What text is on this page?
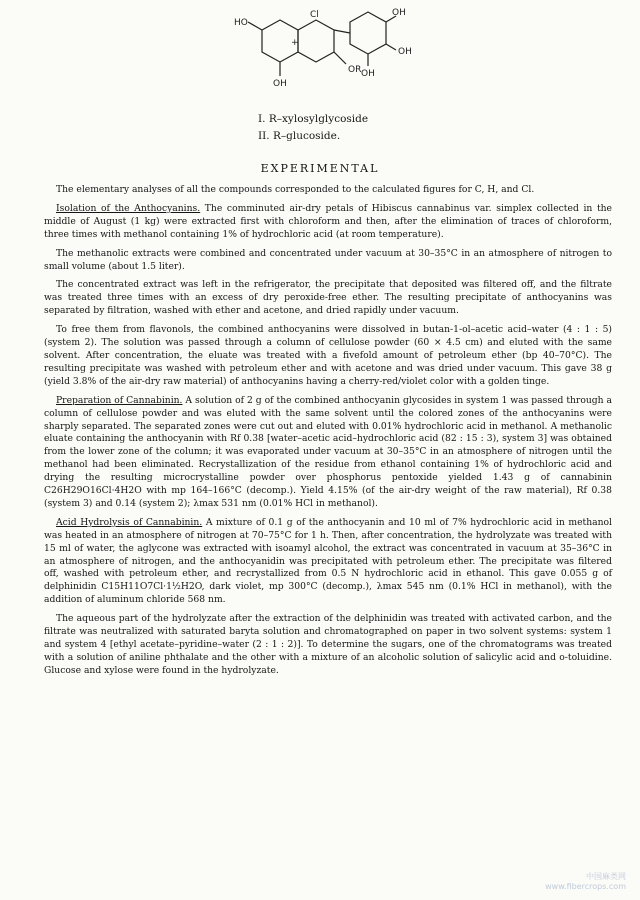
HO
Cl	OH
OH
OH
OH
OR
+
I. R–xylosylglycoside
II. R–glucoside.
EXPERIMENTAL

The elementary analyses of all the compounds corresponded to the calculated figures for C, H, and Cl.

Isolation of the Anthocyanins. The comminuted air-dry petals of Hibiscus cannabinus var. simplex collected in the middle of August (1 kg) were extracted first with chloroform and then, after the elimination of traces of chloroform, three times with methanol containing 1% of hydrochloric acid (at room temperature).

The methanolic extracts were combined and concentrated under vacuum at 30–35°C in an atmosphere of nitrogen to small volume (about 1.5 liter).

The concentrated extract was left in the refrigerator, the precipitate that deposited was filtered off, and the filtrate was treated three times with an excess of dry peroxide-free ether. The resulting precipitate of anthocyanins was separated by filtration, washed with ether and acetone, and dried rapidly under vacuum.

To free them from flavonols, the combined anthocyanins were dissolved in butan-1-ol–acetic acid–water (4 : 1 : 5) (system 2). The solution was passed through a column of cellulose powder (60 × 4.5 cm) and eluted with the same solvent. After concentration, the eluate was treated with a fivefold amount of petroleum ether (bp 40–70°C). The resulting precipitate was washed with petroleum ether and with acetone and was dried under vacuum. This gave 38 g (yield 3.8% of the air-dry raw material) of anthocyanins having a cherry-red/violet color with a golden tinge.

Preparation of Cannabinin. A solution of 2 g of the combined anthocyanin glycosides in system 1 was passed through a column of cellulose powder and was eluted with the same solvent until the colored zones of the anthocyanins were sharply separated. The separated zones were cut out and eluted with 0.01% hydrochloric acid in methanol. A methanolic eluate containing the anthocyanin with Rf 0.38 [water–acetic acid–hydrochloric acid (82 : 15 : 3), system 3] was obtained from the lower zone of the column; it was evaporated under vacuum at 30–35°C in an atmosphere of nitrogen until the methanol had been eliminated. Recrystallization of the residue from ethanol containing 1% of hydrochloric acid and drying the resulting microcrystalline powder over phosphorus pentoxide yielded 1.43 g of cannabinin C26H29O16Cl·4H2O with mp 164–166°C (decomp.). Yield 4.15% (of the air-dry weight of the raw material), Rf 0.38 (system 3) and 0.14 (system 2); λmax 531 nm (0.01% HCl in methanol).

Acid Hydrolysis of Cannabinin. A mixture of 0.1 g of the anthocyanin and 10 ml of 7% hydrochloric acid in methanol was heated in an atmosphere of nitrogen at 70–75°C for 1 h. Then, after concentration, the hydrolyzate was treated with 15 ml of water, the aglycone was extracted with isoamyl alcohol, the extract was concentrated in vacuum at 35–36°C in an atmosphere of nitrogen, and the anthocyanidin was precipitated with petroleum ether. The precipitate was filtered off, washed with petroleum ether, and recrystallized from 0.5 N hydrochloric acid in ethanol. This gave 0.055 g of delphinidin C15H11O7Cl·1½H2O, dark violet, mp 300°C (decomp.), λmax 545 nm (0.1% HCl in methanol), with the addition of aluminum chloride 568 nm.

The aqueous part of the hydrolyzate after the extraction of the delphinidin was treated with activated carbon, and the filtrate was neutralized with saturated baryta solution and chromatographed on paper in two solvent systems: system 1 and system 4 [ethyl acetate–pyridine–water (2 : 1 : 2)]. To determine the sugars, one of the chromatograms was treated with a solution of aniline phthalate and the other with a mixture of an alcoholic solution of salicylic acid and o-toluidine. Glucose and xylose were found in the hydrolyzate.

中国麻类网
www.fibercrops.com
